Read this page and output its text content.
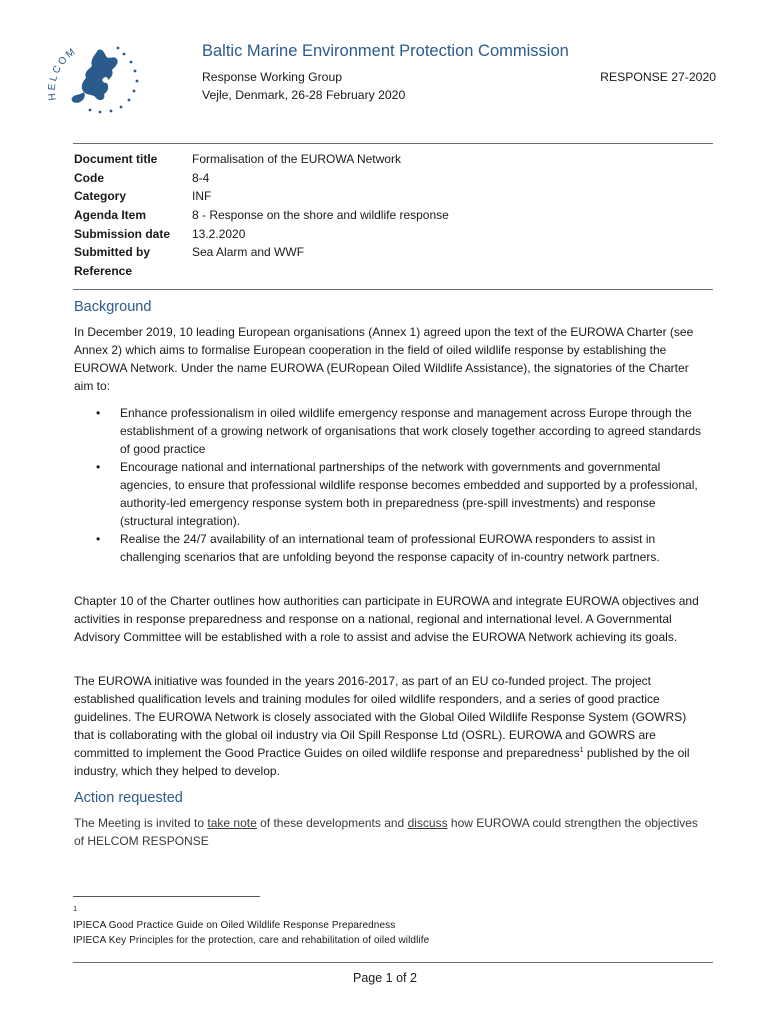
HELCOM	Baltic Marine Environment Protection Commission
Response Working Group
Vejle, Denmark, 26-28 February 2020
RESPONSE 27-2020
Document title	Formalisation of the EUROWA Network
Code	8-4
Category	INF
Agenda Item	8 - Response on the shore and wildlife response
Submission date	13.2.2020
Submitted by	Sea Alarm and WWF
Reference
Background

In December 2019, 10 leading European organisations (Annex 1) agreed upon the text of the EUROWA Charter (see Annex 2) which aims to formalise European cooperation in the field of oiled wildlife response by establishing the EUROWA Network. Under the name EUROWA (EURopean Oiled Wildlife Assistance), the signatories of the Charter aim to:

• Enhance professionalism in oiled wildlife emergency response and management across Europe through the establishment of a growing network of organisations that work closely together according to agreed standards of good practice
• Encourage national and international partnerships of the network with governments and governmental agencies, to ensure that professional wildlife response becomes embedded and supported by a professional, authority-led emergency response system both in preparedness (pre-spill investments) and response (structural integration).
• Realise the 24/7 availability of an international team of professional EUROWA responders to assist in challenging scenarios that are unfolding beyond the response capacity of in-country network partners.

Chapter 10 of the Charter outlines how authorities can participate in EUROWA and integrate EUROWA objectives and activities in response preparedness and response on a national, regional and international level. A Governmental Advisory Committee will be established with a role to assist and advise the EUROWA Network achieving its goals.

The EUROWA initiative was founded in the years 2016-2017, as part of an EU co-funded project. The project established qualification levels and training modules for oiled wildlife responders, and a series of good practice guidelines. The EUROWA Network is closely associated with the Global Oiled Wildlife Response System (GOWRS) that is collaborating with the global oil industry via Oil Spill Response Ltd (OSRL). EUROWA and GOWRS are committed to implement the Good Practice Guides on oiled wildlife response and preparedness$^1$ published by the oil industry, which they helped to develop.

Action requested

The Meeting is invited to take note of these developments and discuss how EUROWA could strengthen the objectives of HELCOM RESPONSE

1
IPIECA Good Practice Guide on Oiled Wildlife Response Preparedness
IPIECA Key Principles for the protection, care and rehabilitation of oiled wildlife
Page 1 of 2
